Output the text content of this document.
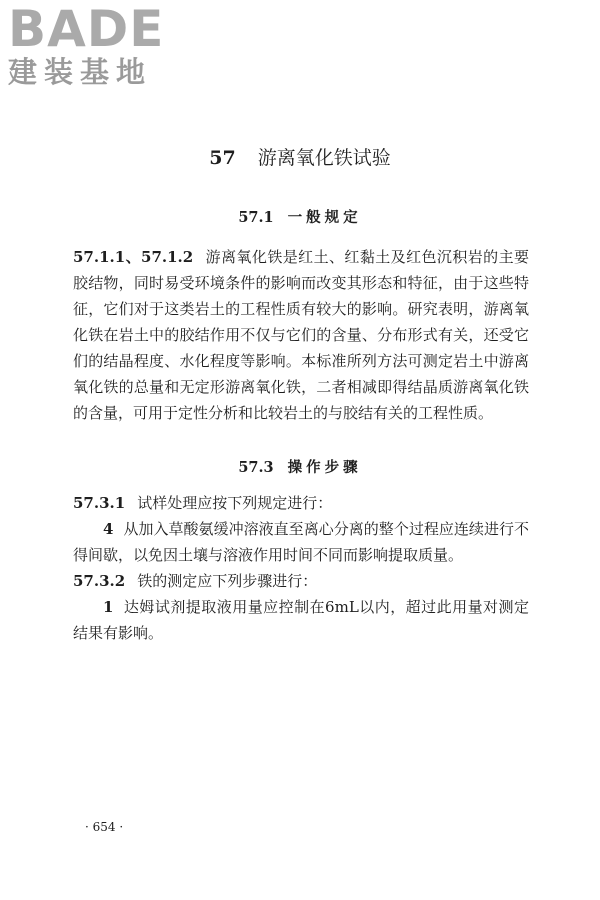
BADE
建装基地
57 游离氧化铁试验
57.1 一般规定

57.1.1、57.1.2 游离氧化铁是红土、红黏土及红色沉积岩的主要胶结物，同时易受环境条件的影响而改变其形态和特征，由于这些特征，它们对于这类岩土的工程性质有较大的影响。研究表明，游离氧化铁在岩土中的胶结作用不仅与它们的含量、分布形式有关，还受它们的结晶程度、水化程度等影响。本标准所列方法可测定岩土中游离氧化铁的总量和无定形游离氧化铁，二者相减即得结晶质游离氧化铁的含量，可用于定性分析和比较岩土的与胶结有关的工程性质。

57.3 操作步骤

57.3.1 试样处理应按下列规定进行：

4 从加入草酸氨缓冲溶液直至离心分离的整个过程应连续进行不得间歇，以免因土壤与溶液作用时间不同而影响提取质量。

57.3.2 铁的测定应下列步骤进行：

1 达姆试剂提取液用量应控制在6mL以内，超过此用量对测定结果有影响。

· 654 ·
